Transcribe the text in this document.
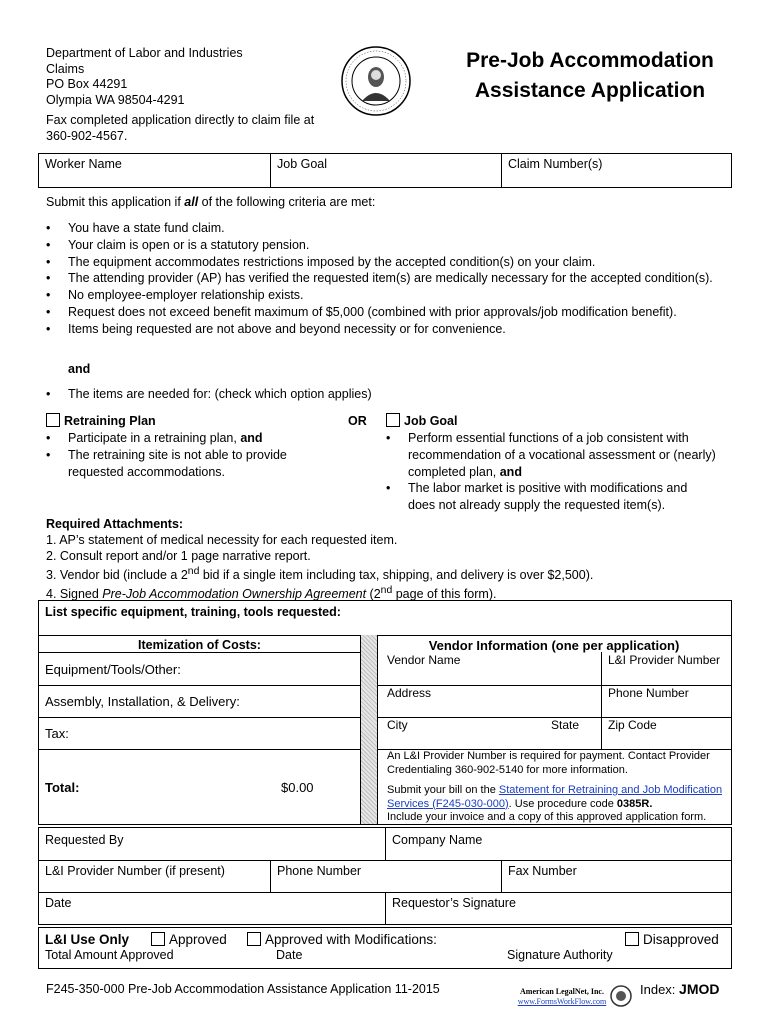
Department of Labor and Industries
Claims
PO Box 44291
Olympia WA 98504-4291
Pre-Job Accommodation
Assistance Application
Fax completed application directly to claim file at
360-902-4567.
Worker Name	Job Goal	Claim Number(s)
Submit this application if all of the following criteria are met:
• You have a state fund claim.
• Your claim is open or is a statutory pension.
• The equipment accommodates restrictions imposed by the accepted condition(s) on your claim.
• The attending provider (AP) has verified the requested item(s) are medically necessary for the accepted condition(s).
• No employee-employer relationship exists.
• Request does not exceed benefit maximum of $5,000 (combined with prior approvals/job modification benefit).
• Items being requested are not above and beyond necessity or for convenience.
and
• The items are needed for: (check which option applies)
Retraining Plan
• Participate in a retraining plan, and
• The retraining site is not able to provide requested accommodations.
OR	Job Goal
• Perform essential functions of a job consistent with recommendation of a vocational assessment or (nearly) completed plan, and
• The labor market is positive with modifications and does not already supply the requested item(s).
Required Attachments:
1. AP’s statement of medical necessity for each requested item.
2. Consult report and/or 1 page narrative report.
3. Vendor bid (include a 2nd bid if a single item including tax, shipping, and delivery is over $2,500).
4. Signed Pre-Job Accommodation Ownership Agreement (2nd page of this form).
List specific equipment, training, tools requested:
Itemization of Costs:
Equipment/Tools/Other:
Assembly, Installation, & Delivery:
Tax:
Total:	$0.00
Vendor Information (one per application)
Vendor Name	L&I Provider Number
Address	Phone Number
City	State	Zip Code
An L&I Provider Number is required for payment. Contact Provider Credentialing 360-902-5140 for more information.
Submit your bill on the Statement for Retraining and Job Modification Services (F245-030-000). Use procedure code 0385R.
Include your invoice and a copy of this approved application form.
Requested By	Company Name
L&I Provider Number (if present)	Phone Number	Fax Number
Date	Requestor’s Signature
L&I Use Only	Approved	Approved with Modifications:	Disapproved
Total Amount Approved	Date	Signature Authority
F245-350-000 Pre-Job Accommodation Assistance Application 11-2015	American LegalNet, Inc.
www.FormsWorkFlow.com
Index: JMOD
